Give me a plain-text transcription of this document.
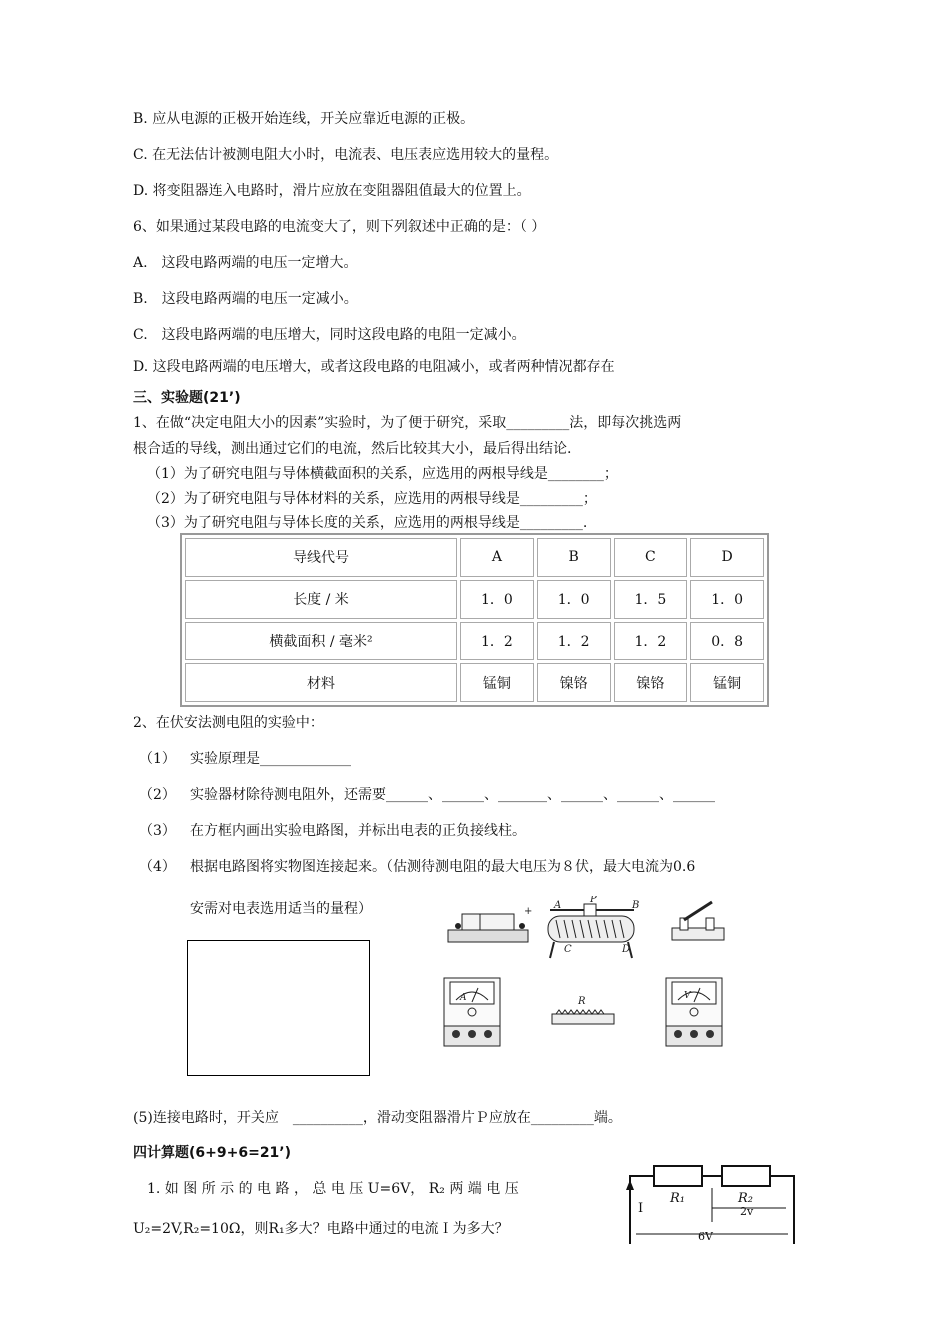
B. 应从电源的正极开始连线，开关应靠近电源的正极。
C. 在无法估计被测电阻大小时，电流表、电压表应选用较大的量程。
D. 将变阻器连入电路时，滑片应放在变阻器阻值最大的位置上。
6、如果通过某段电路的电流变大了，则下列叙述中正确的是：（ ）
A.　这段电路两端的电压一定增大。
B.　这段电路两端的电压一定减小。
C.　这段电路两端的电压增大，同时这段电路的电阻一定减小。
D. 这段电路两端的电压增大，或者这段电路的电阻减小，或者两种情况都存在
三、实验题(21’)
1、在做“决定电阻大小的因素”实验时，为了便于研究，采取_________法，即每次挑选两
根合适的导线，测出通过它们的电流，然后比较其大小，最后得出结论.
（1）为了研究电阻与导体横截面积的关系，应选用的两根导线是________；
（2）为了研究电阻与导体材料的关系，应选用的两根导线是_________；
（3）为了研究电阻与导体长度的关系，应选用的两根导线是_________.
导线代号	A	B	C	D
长度 / 米	1．0	1．0	1．5	1．0
横截面积 / 毫米²	1．2	1．2	1．2	0．8
材料	锰铜	镍铬	镍铬	锰铜
2、在伏安法测电阻的实验中：
（1） 实验原理是_____________
（2） 实验器材除待测电阻外，还需要______、______、_______、______、______、______
（3） 在方框内画出实验电路图，并标出电表的正负接线柱。
（4） 根据电路图将实物图连接起来。（估测待测电阻的最大电压为８伏，最大电流为0.6
安需对电表选用适当的量程）	+
P
A	B
C	D
A	R	V
(5)连接电路时，开关应　__________，滑动变阻器滑片Ｐ应放在_________端。
四计算题(6+9+6=21’)
1. 如 图 所 示 的 电 路 ， 总 电 压 U=6V， R₂ 两 端 电 压
U₂=2V,R₂=10Ω，则R₁多大？电路中通过的电流Ｉ为多大？
R₁	R₂
I	2v
6V
